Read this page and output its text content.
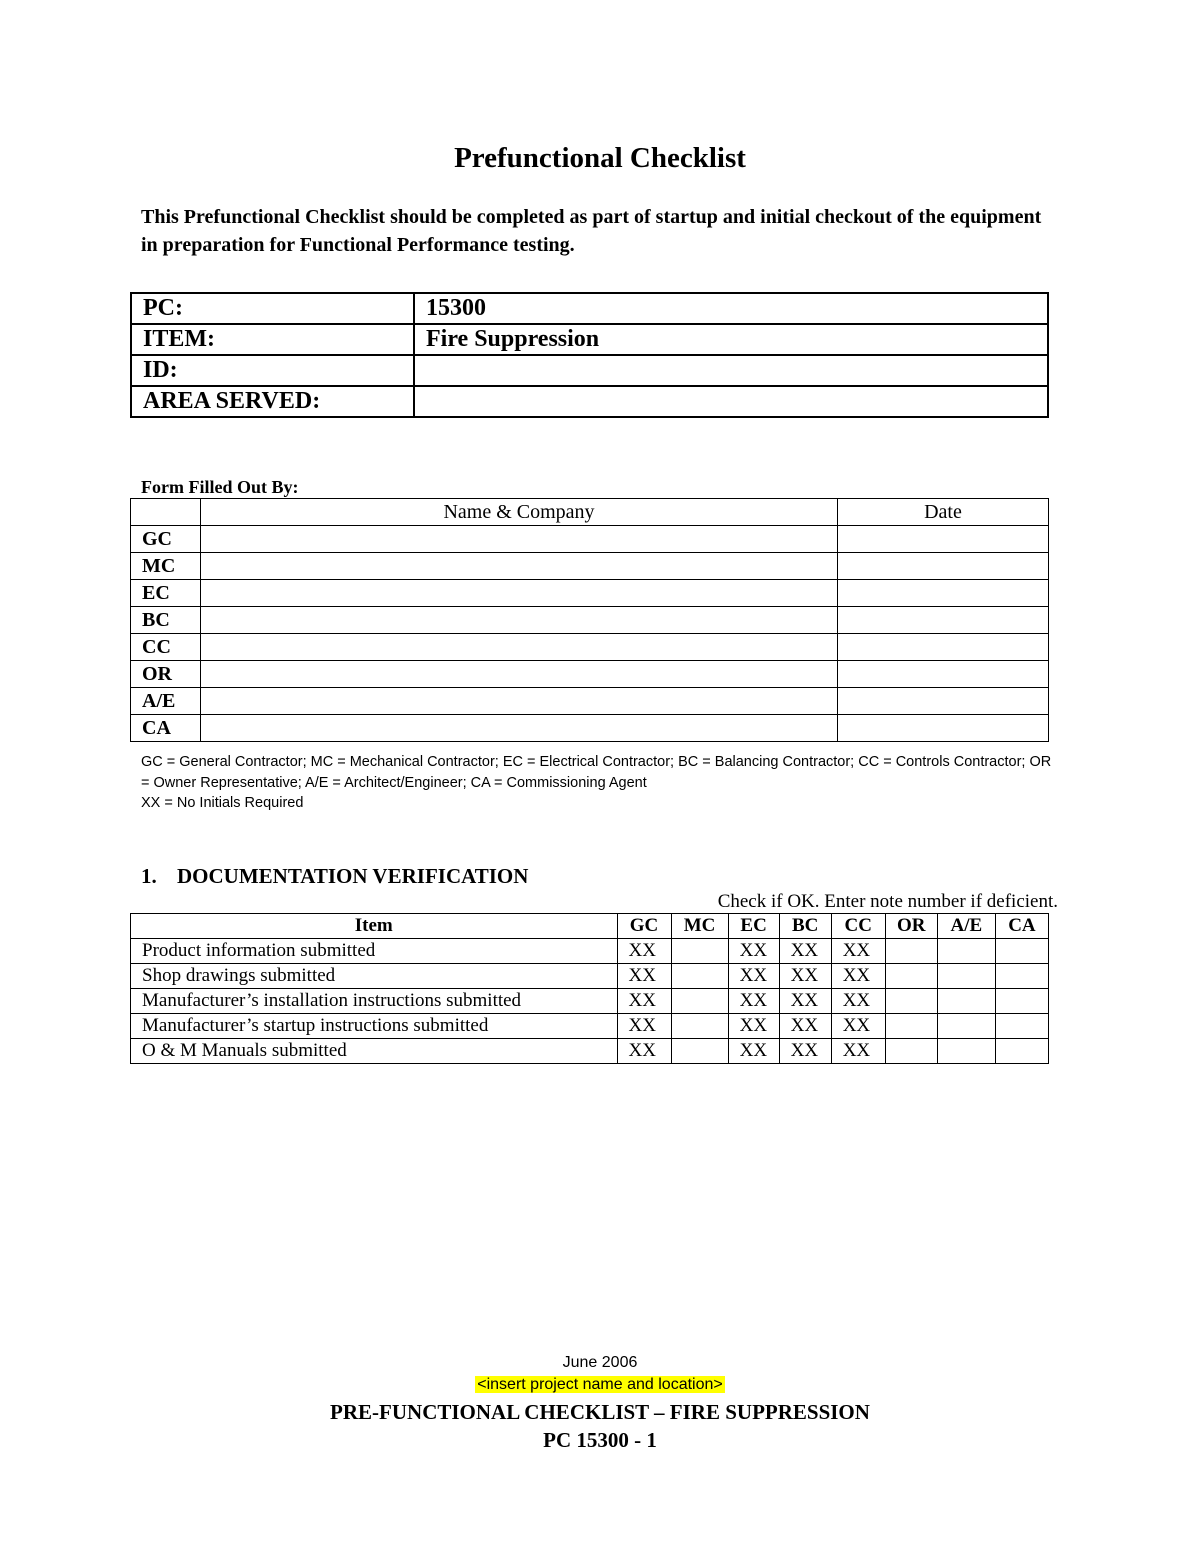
Prefunctional Checklist
This Prefunctional Checklist should be completed as part of startup and initial checkout of the equipment in preparation for Functional Performance testing.
PC:	15300
ITEM:	Fire Suppression
ID:	
AREA SERVED:	
Form Filled Out By:
	Name & Company	Date
GC		
MC		
EC		
BC		
CC		
OR		
A/E		
CA		
GC = General Contractor; MC = Mechanical Contractor; EC = Electrical Contractor; BC = Balancing Contractor; CC = Controls Contractor; OR = Owner Representative; A/E = Architect/Engineer; CA = Commissioning Agent
XX = No Initials Required
1. DOCUMENTATION VERIFICATION
Check if OK. Enter note number if deficient.
Item	GC	MC	EC	BC	CC	OR	A/E	CA
Product information submitted	XX		XX	XX	XX			
Shop drawings submitted	XX		XX	XX	XX			
Manufacturer’s installation instructions submitted	XX		XX	XX	XX			
Manufacturer’s startup instructions submitted	XX		XX	XX	XX			
O & M Manuals submitted	XX		XX	XX	XX			
June 2006
<insert project name and location>
PRE-FUNCTIONAL CHECKLIST – FIRE SUPPRESSION
PC 15300 - 1
